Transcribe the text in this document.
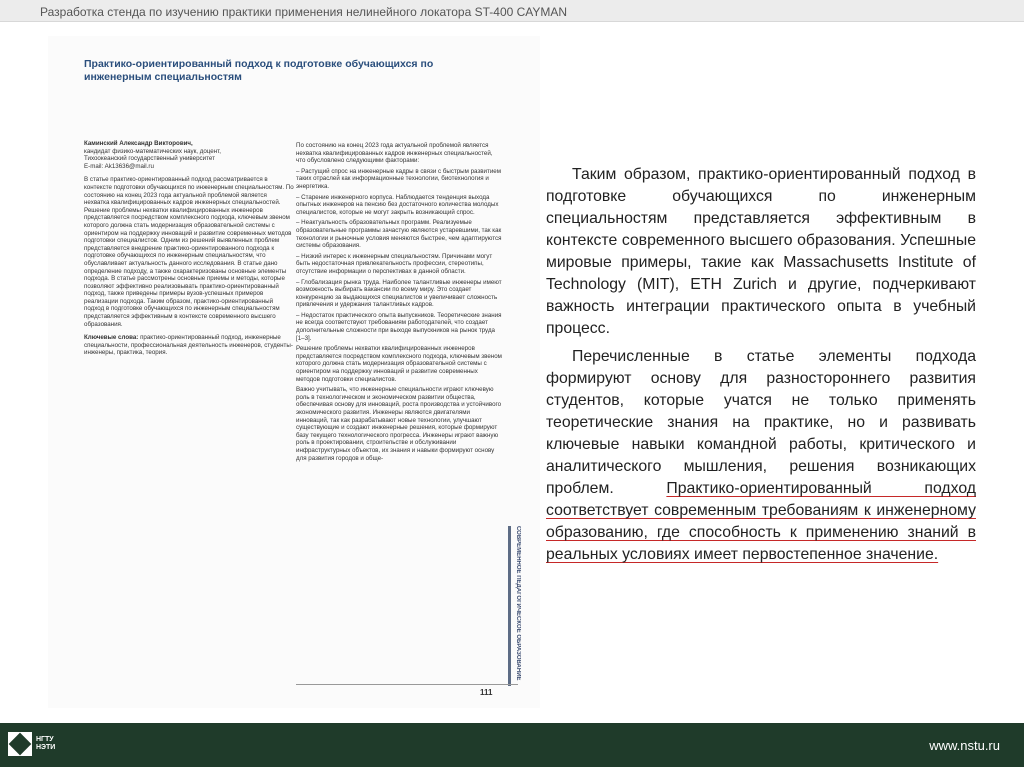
Разработка стенда по изучению практики применения нелинейного локатора ST-400 CAYMAN
Практико-ориентированный подход к подготовке обучающихся по инженерным специальностям
Каминский Александр Викторович,
кандидат физико-математических наук, доцент,
Тихоокеанский государственный университет
E-mail: Ak13636@mail.ru
В статье практико-ориентированный подход рассматривается в контексте подготовки обучающихся по инженерным специальностям. По состоянию на конец 2023 года актуальной проблемой является нехватка квалифицированных кадров инженерных специальностей. Решение проблемы нехватки квалифицированных инженеров представляется посредством комплексного подхода, ключевым звеном которого должна стать модернизация образовательной системы с ориентиром на поддержку инноваций и развитие современных методов подготовки специалистов. Одним из решений выявленных проблем представляется внедрение практико-ориентированного подхода к подготовке обучающихся по инженерным специальностям, что обуславливает актуальность данного исследования. В статье дано определение подходу, а также охарактеризованы основные элементы подхода. В статье рассмотрены основные приемы и методы, которые позволяют эффективно реализовывать практико-ориентированный подход, также приведены примеры вузов-успешных примеров реализации подхода. Таким образом, практико-ориентированный подход в подготовке обучающихся по инженерным специальностям представляется эффективным в контексте современного высшего образования.
Ключевые слова: практико-ориентированный подход, инженерные специальности, профессиональная деятельность инженеров, студенты-инженеры, практика, теория.

По состоянию на конец 2023 года актуальной проблемой является нехватка квалифицированных кадров инженерных специальностей, что обусловлено следующими факторами:

– Растущий спрос на инженерные кадры в связи с быстрым развитием таких отраслей как информационные технологии, биотехнология и энергетика.

– Старение инженерного корпуса. Наблюдается тенденция выхода опытных инженеров на пенсию без достаточного количества молодых специалистов, которые не могут закрыть возникающий спрос.

– Неактуальность образовательных программ. Реализуемые образовательные программы зачастую являются устаревшими, так как технологии и рыночные условия меняются быстрее, чем адаптируются системы образования.

– Низкий интерес к инженерным специальностям. Причинами могут быть недостаточная привлекательность профессии, стереотипы, отсутствие информации о перспективах в данной области.

– Глобализация рынка труда. Наиболее талантливые инженеры имеют возможность выбирать вакансии по всему миру. Это создает конкуренцию за выдающихся специалистов и увеличивает сложность привлечения и удержания талантливых кадров.

– Недостаток практического опыта выпускников. Теоретические знания не всегда соответствуют требованиям работодателей, что создает дополнительные сложности при выходе выпускников на рынок труда [1–3].

Решение проблемы нехватки квалифицированных инженеров представляется посредством комплексного подхода, ключевым звеном которого должна стать модернизация образовательной системы с ориентиром на поддержку инноваций и развитие современных методов подготовки специалистов.

Важно учитывать, что инженерные специальности играют ключевую роль в технологическом и экономическом развитии общества, обеспечивая основу для инноваций, роста производства и устойчивого экономического развития. Инженеры являются двигателями инноваций, так как разрабатывают новые технологии, улучшают существующие и создают инженерные решения, которые формируют базу текущего технологического прогресса. Инженеры играют важную роль в проектировании, строительстве и обслуживании инфраструктурных объектов, их знания и навыки формируют основу для развития городов и обще-

СОВРЕМЕННОЕ ПЕДАГОГИЧЕСКОЕ ОБРАЗОВАНИЕ
111

Таким образом, практико-ориентированный подход в подготовке обучающихся по инженерным специальностям представляется эффективным в контексте современного высшего образования. Успешные мировые примеры, такие как Massachusetts Institute of Technology (MIT), ETH Zurich и другие, подчеркивают важность интеграции практического опыта в учебный процесс.

Перечисленные в статье элементы подхода формируют основу для разностороннего развития студентов, которые учатся не только применять теоретические знания на практике, но и развивать ключевые навыки командной работы, критического и аналитического мышления, решения возникающих проблем. Практико-ориентированный подход соответствует современным требованиям к инженерному образованию, где способность к применению знаний в реальных условиях имеет первостепенное значение.

НГТУ
НЭТИ	www.nstu.ru
